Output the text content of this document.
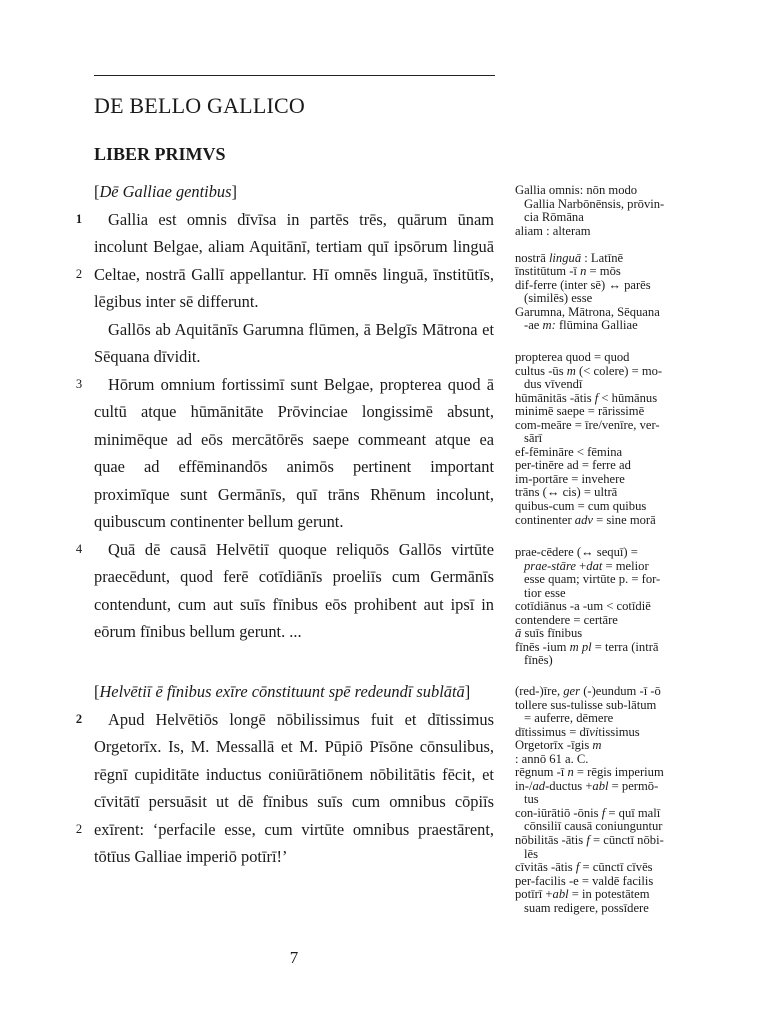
DE BELLO GALLICO
LIBER PRIMVS

[Dē Galliae gentibus]

Gallia est omnis dīvīsa in partēs trēs, quārum ūnam incolunt Belgae, aliam Aquitānī, tertiam quī ipsōrum linguā Celtae, nostrā Gallī appellantur. Hī omnēs linguā, īnstitūtīs, lēgibus inter sē differunt.

Gallōs ab Aquitānīs Garumna flūmen, ā Belgīs Mātrona et Sēquana dīvidit.

Hōrum omnium fortissimī sunt Belgae, propterea quod ā cultū atque hūmānitāte Prōvinciae longissimē absunt, minimēque ad eōs mercātōrēs saepe commeant atque ea quae ad effēminandōs animōs pertinent important proximīque sunt Germānīs, quī trāns Rhēnum incolunt, quibuscum continenter bellum gerunt.

Quā dē causā Helvētiī quoque reliquōs Gallōs virtūte praecēdunt, quod ferē cotīdiānīs proeliīs cum Germānīs contendunt, cum aut suīs fīnibus eōs prohibent aut ipsī in eōrum fīnibus bellum gerunt. ...

[Helvētiī ē fīnibus exīre cōnstituunt spē redeundī sublātā]

Apud Helvētiōs longē nōbilissimus fuit et dītissimus Orgetorīx. Is, M. Messallā et M. Pūpiō Pīsōne cōnsulibus, rēgnī cupiditāte inductus coniūrātiōnem nōbilitātis fēcit, et cīvitātī persuāsit ut dē fīnibus suīs cum omnibus cōpiīs exīrent: ‘perfacile esse, cum virtūte omnibus praestārent, tōtīus Galliae imperiō potīrī!’

1
2
3
4
2
2
Gallia omnis: nōn modo
Gallia Narbōnēnsis, prōvin-
cia Rōmāna
aliam : alteram

nostrā linguā : Latīnē
īnstitūtum -ī n = mōs
dif-ferre (inter sē) ↔ parēs
(similēs) esse
Garumna, Mātrona, Sēquana
-ae m: flūmina Galliae
propterea quod = quod
cultus -ūs m (< colere) = mo-
dus vīvendī
hūmānitās -ātis f < hūmānus
minimē saepe = rārissimē
com-meāre = īre/venīre, ver-
sārī
ef-fēmināre < fēmina
per-tinēre ad = ferre ad
im-portāre = invehere
trāns (↔ cis) = ultrā
quibus-cum = cum quibus
continenter adv = sine morā
prae-cēdere (↔ sequī) =
prae-stāre +dat = melior
esse quam; virtūte p. = for-
tior esse
cotīdiānus -a -um < cotīdiē
contendere = certāre
ā suīs fīnibus
fīnēs -ium m pl = terra (intrā
fīnēs)
(red-)īre, ger (-)eundum -ī -ō
tollere sus-tulisse sub-lātum
= auferre, dēmere
dītissimus = dīvitissimus
Orgetorīx -īgis m
: annō 61 a. C.
rēgnum -ī n = rēgis imperium
in-/ad-ductus +abl = permō-
tus
con-iūrātiō -ōnis f = quī malī
cōnsiliī causā coniunguntur
nōbilitās -ātis f = cūnctī nōbi-
lēs
cīvitās -ātis f = cūnctī cīvēs
per-facilis -e = valdē facilis
potīrī +abl = in potestātem
suam redigere, possīdere
7
